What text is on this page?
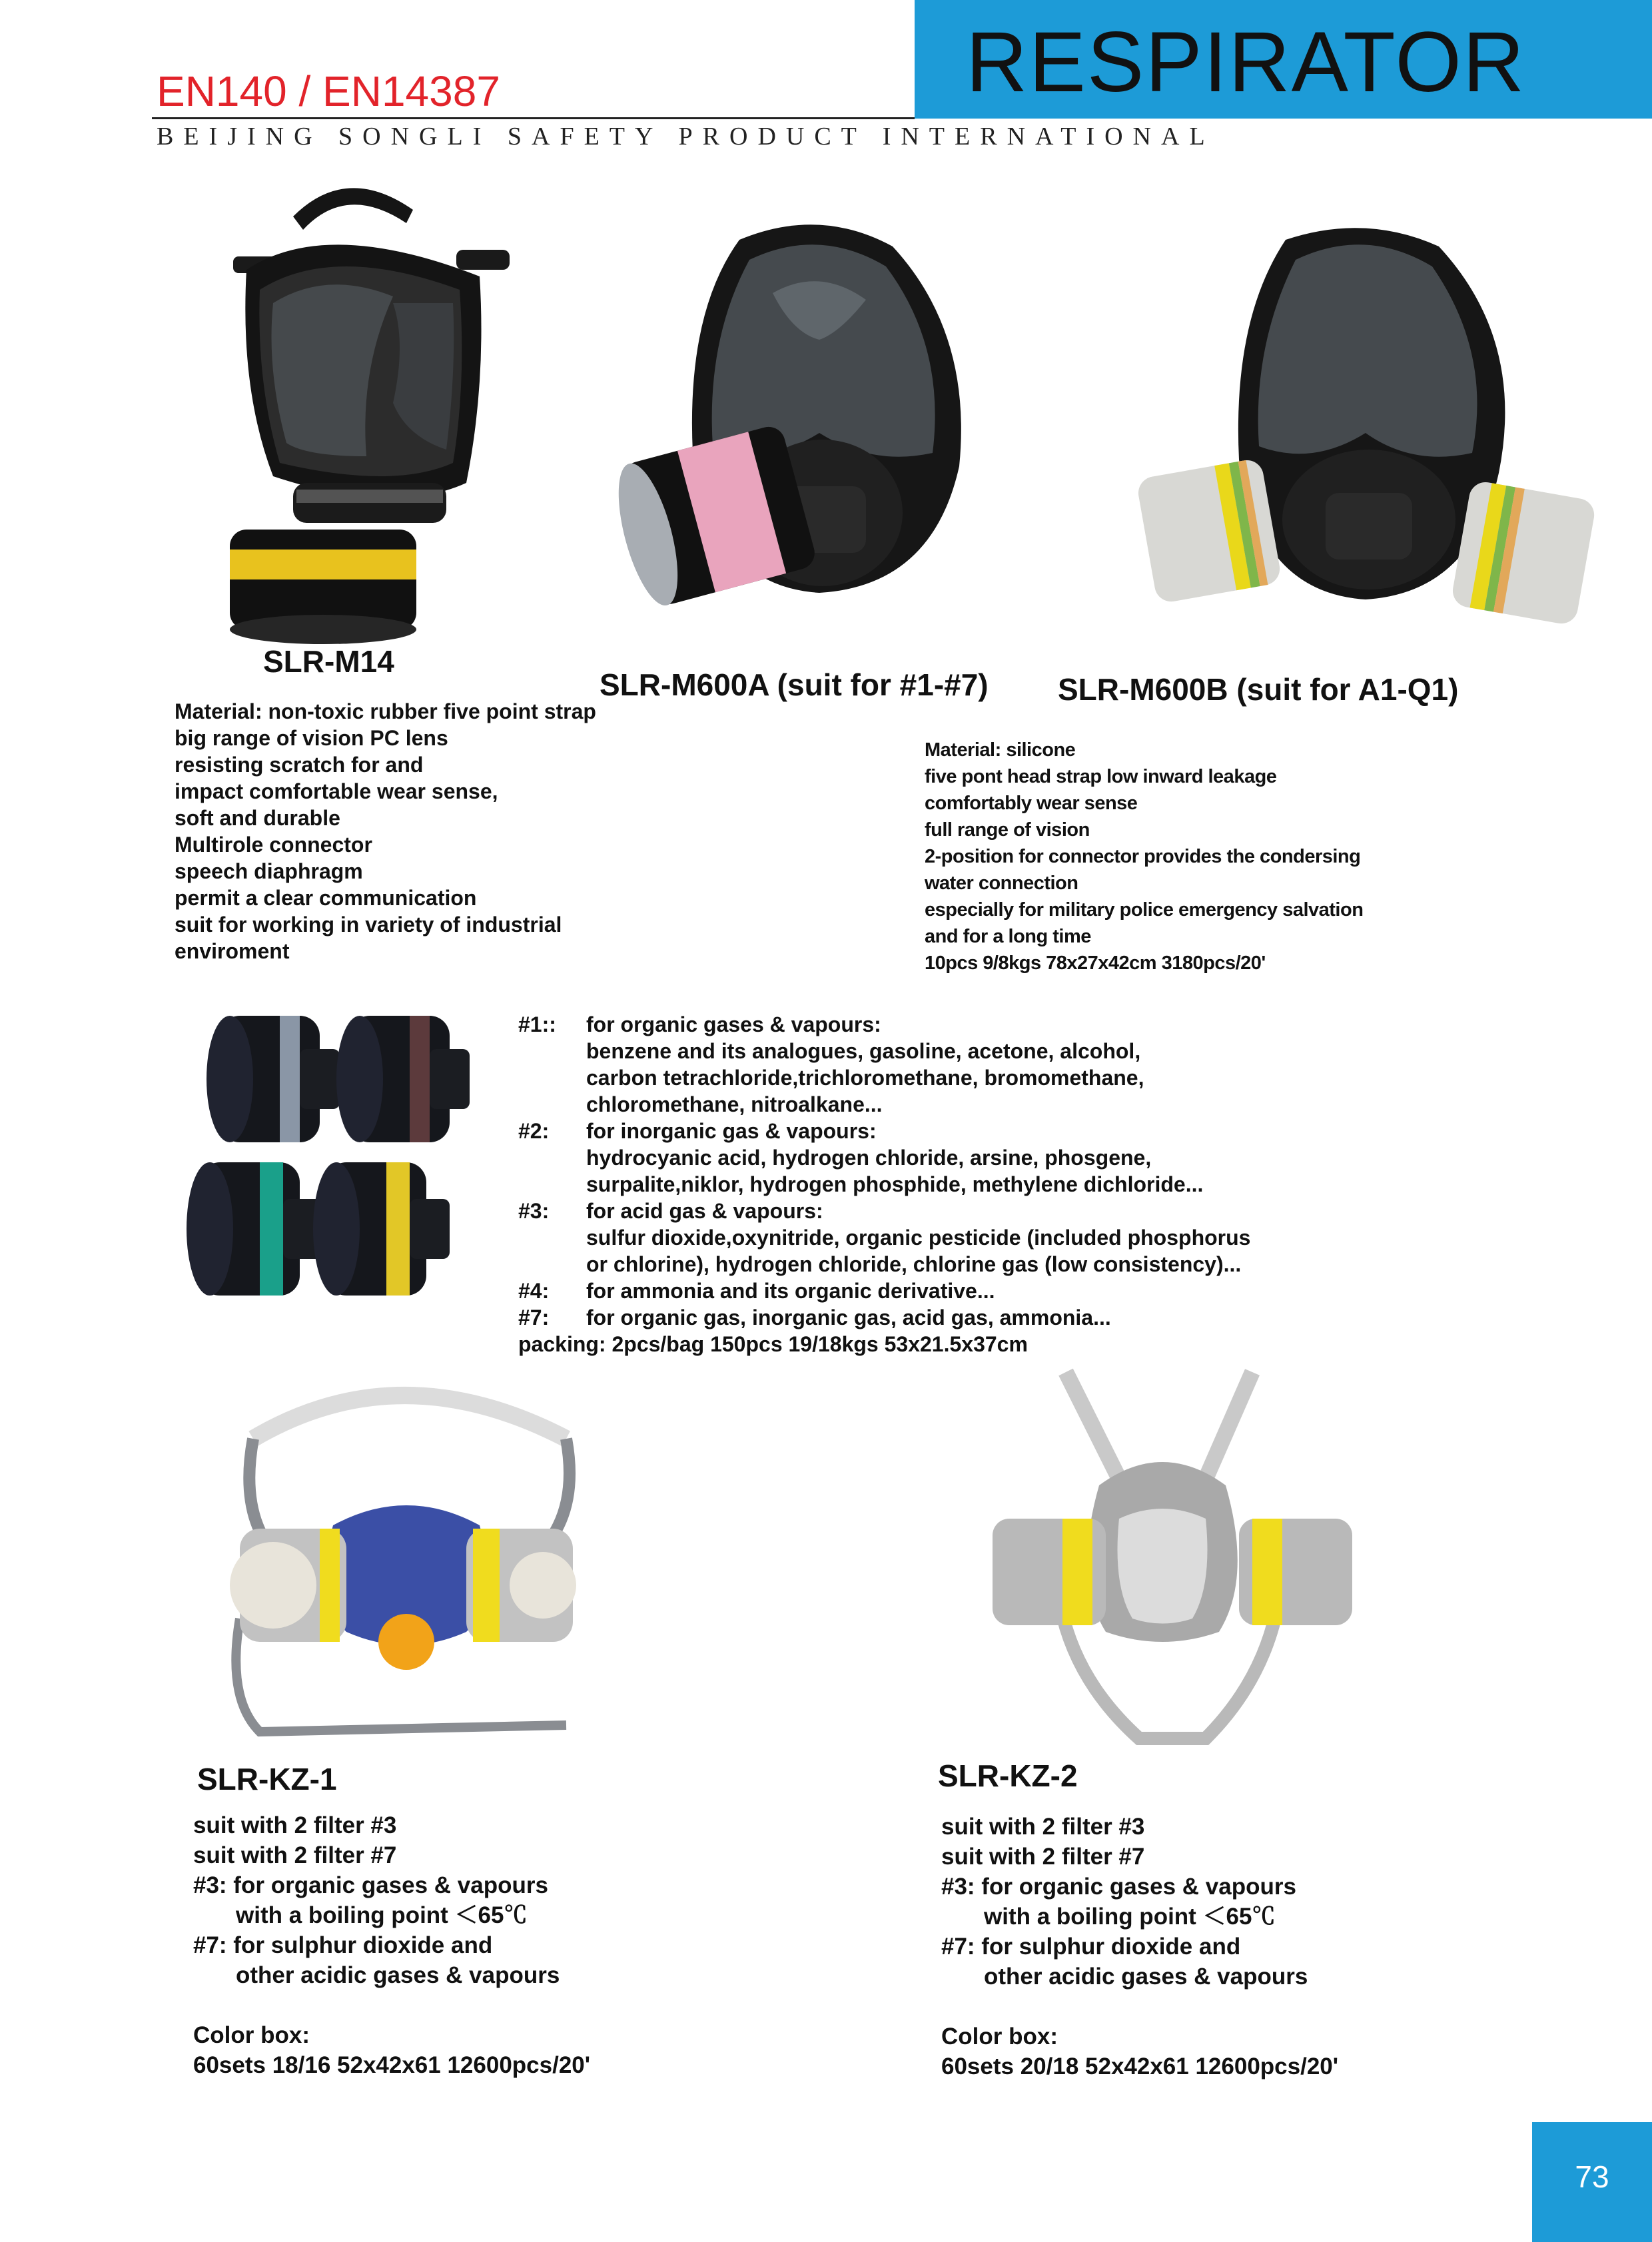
RESPIRATOR
EN140 / EN14387
BEIJING SONGLI SAFETY PRODUCT INTERNATIONAL
SLR-M14
SLR-M600A (suit for #1-#7) SLR-M600B (suit for A1-Q1)
Material: non-toxic rubber five point strap
big range of vision PC lens
resisting scratch for and
impact comfortable wear sense,
soft and durable
Multirole connector
speech diaphragm
permit a clear communication
suit for working in variety of industrial
enviroment
Material: silicone
five pont head strap low inward leakage
comfortably wear sense
full range of vision
2-position for connector provides the condersing
water connection
especially for military police emergency salvation
and for a long time
10pcs 9/8kgs 78x27x42cm 3180pcs/20'
#1:: for organic gases & vapours:
benzene and its analogues, gasoline, acetone, alcohol,
carbon tetrachloride,trichloromethane, bromomethane,
chloromethane, nitroalkane...
#2: for inorganic gas & vapours:
hydrocyanic acid, hydrogen chloride, arsine, phosgene,
surpalite,niklor, hydrogen phosphide, methylene dichloride...
#3: for acid gas & vapours:
sulfur dioxide,oxynitride, organic pesticide (included phosphorus
or chlorine), hydrogen chloride, chlorine gas (low consistency)...
#4: for ammonia and its organic derivative...
#7: for organic gas, inorganic gas, acid gas, ammonia...
packing: 2pcs/bag 150pcs 19/18kgs 53x21.5x37cm
SLR-KZ-1
suit with 2 filter #3
suit with 2 filter #7
#3: for organic gases & vapours
with a boiling point ＜65℃
#7: for sulphur dioxide and
other acidic gases & vapours
Color box:
60sets 18/16 52x42x61 12600pcs/20'
SLR-KZ-2
suit with 2 filter #3
suit with 2 filter #7
#3: for organic gases & vapours
with a boiling point ＜65℃
#7: for sulphur dioxide and
other acidic gases & vapours
Color box:
60sets 20/18 52x42x61 12600pcs/20'
73
